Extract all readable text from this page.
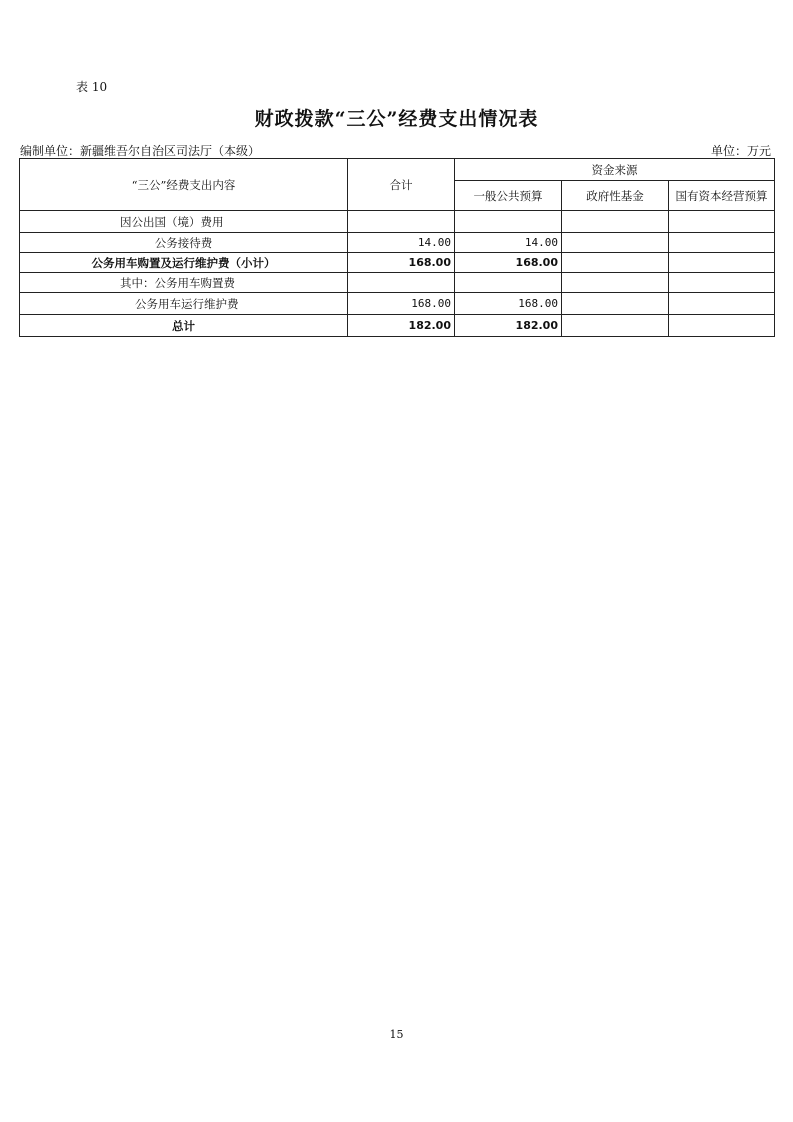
表 10
财政拨款“三公”经费支出情况表
编制单位：新疆维吾尔自治区司法厅（本级）	单位：万元
“三公”经费支出内容	合计	资金来源		
		一般公共预算	政府性基金	国有资本经营预算
因公出国（境）费用				
公务接待费	14.00	14.00		
公务用车购置及运行维护费（小计）	168.00	168.00		
其中：公务用车购置费				
公务用车运行维护费	168.00	168.00		
总计	182.00	182.00		
15
